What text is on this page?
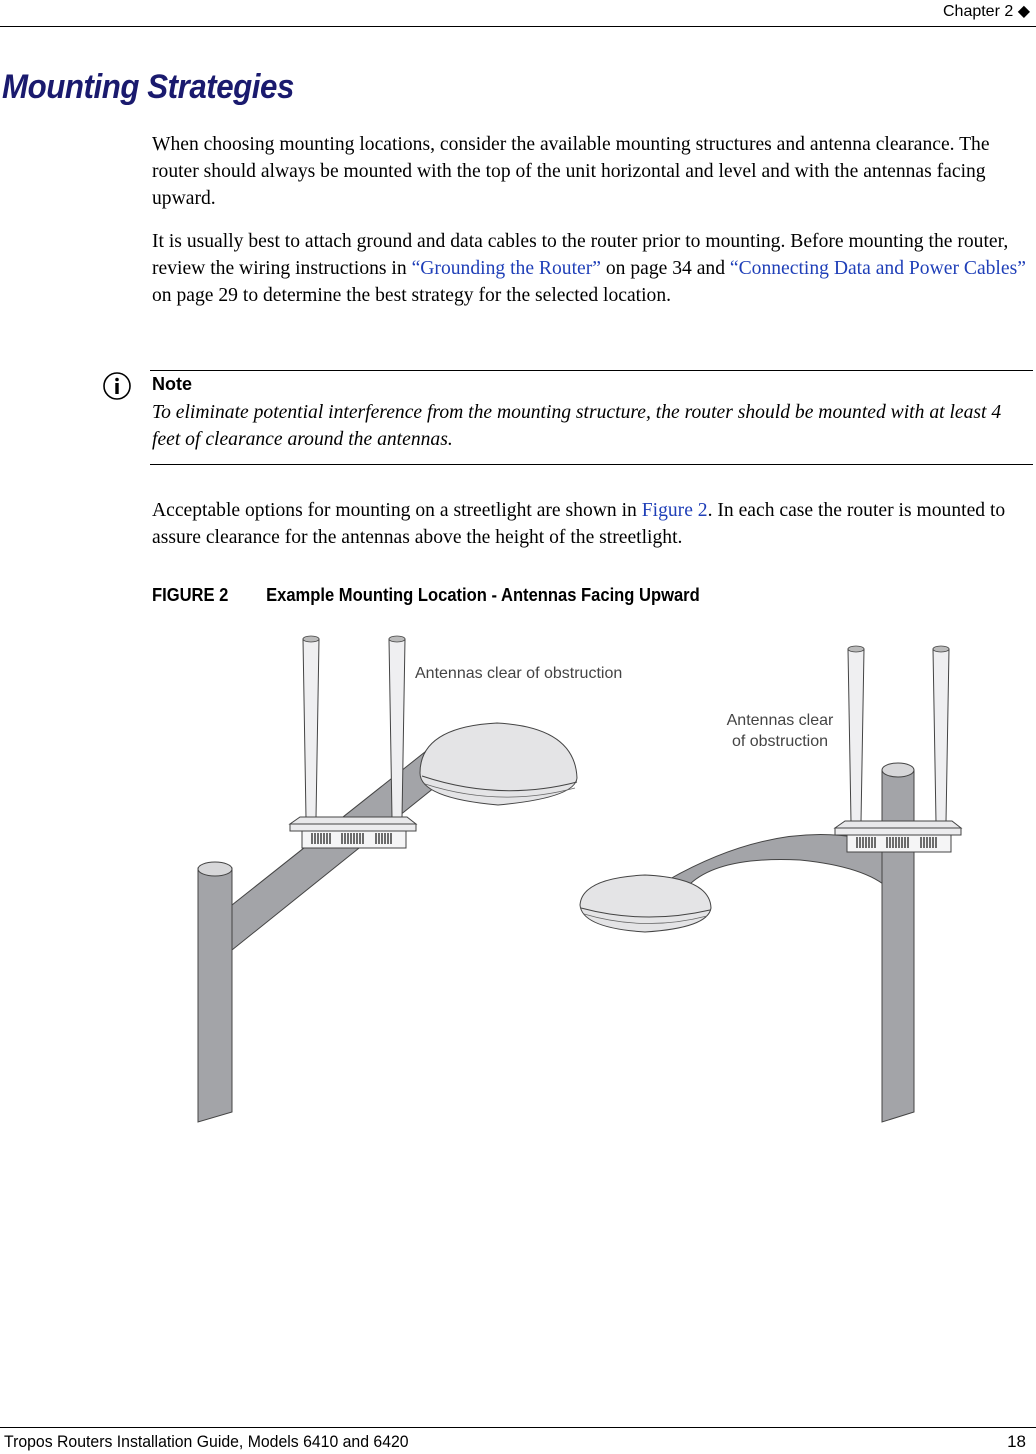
Chapter 2 ◆
Mounting Strategies

When choosing mounting locations, consider the available mounting structures and antenna clearance. The router should always be mounted with the top of the unit horizontal and level and with the antennas facing upward.

It is usually best to attach ground and data cables to the router prior to mounting. Before mounting the router, review the wiring instructions in “Grounding the Router” on page 34 and “Connecting Data and Power Cables” on page 29 to determine the best strategy for the selected location.

Note
To eliminate potential interference from the mounting structure, the router should be mounted with at least 4 feet of clearance around the antennas.

Acceptable options for mounting on a streetlight are shown in Figure 2. In each case the router is mounted to assure clearance for the antennas above the height of the streetlight.

FIGURE 2 Example Mounting Location - Antennas Facing Upward
Antennas clear of obstruction
Antennas clear
of obstruction
Tropos Routers Installation Guide, Models 6410 and 6420	18
